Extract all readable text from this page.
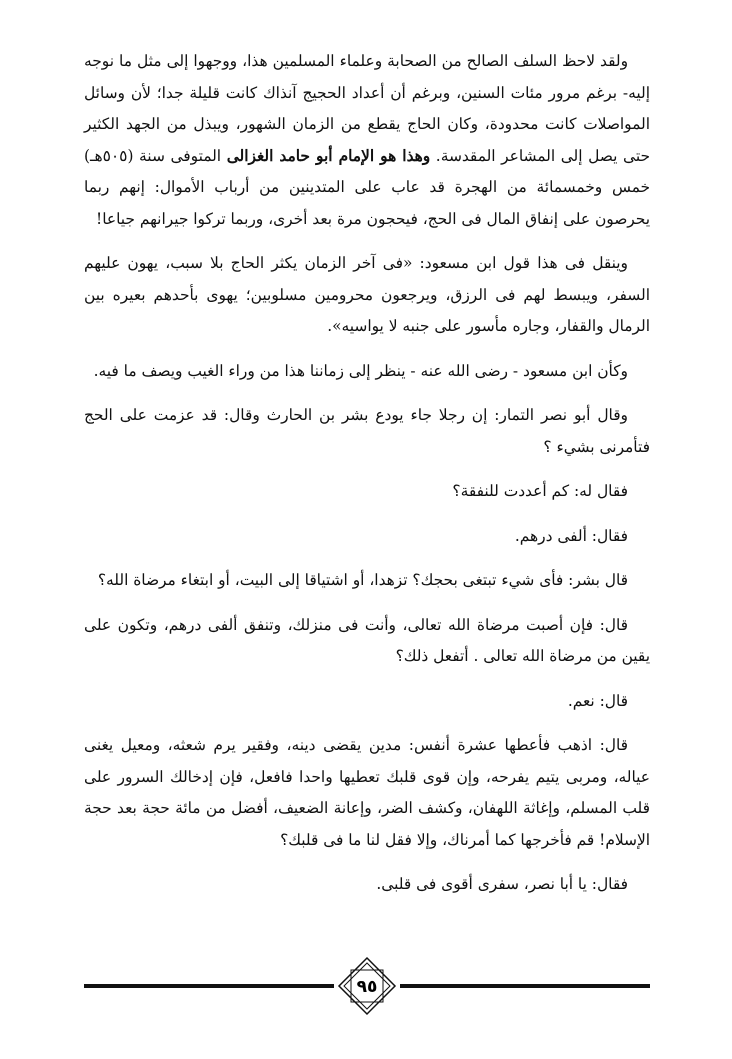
ولقد لاحظ السلف الصالح من الصحابة وعلماء المسلمين هذا، ووجهوا إلى مثل ما نوجه إليه- برغم مرور مئات السنين، وبرغم أن أعداد الحجيج آنذاك كانت قليلة جدا؛ لأن وسائل المواصلات كانت محدودة، وكان الحاج يقطع من الزمان الشهور، ويبذل من الجهد الكثير حتى يصل إلى المشاعر المقدسة. وهذا هو الإمام أبو حامد الغزالى المتوفى سنة (٥٠٥هـ) خمس وخمسمائة من الهجرة قد عاب على المتدينين من أرباب الأموال: إنهم ربما يحرصون على إنفاق المال فى الحج، فيحجون مرة بعد أخرى، وربما تركوا جيرانهم جياعا!

وينقل فى هذا قول ابن مسعود: «فى آخر الزمان يكثر الحاج بلا سبب، يهون عليهم السفر، ويبسط لهم فى الرزق، ويرجعون محرومين مسلوبين؛ يهوى بأحدهم بعيره بين الرمال والقفار، وجاره مأسور على جنبه لا يواسيه».

وكأن ابن مسعود - رضى الله عنه - ينظر إلى زماننا هذا من وراء الغيب ويصف ما فيه.

وقال أبو نصر التمار: إن رجلا جاء يودع بشر بن الحارث وقال: قد عزمت على الحج فتأمرنى بشيء ؟

فقال له: كم أعددت للنفقة؟

فقال: ألفى درهم.

قال بشر: فأى شيء تبتغى بحجك؟ تزهدا، أو اشتياقا إلى البيت، أو ابتغاء مرضاة الله؟

قال: فإن أصبت مرضاة الله تعالى، وأنت فى منزلك، وتنفق ألفى درهم، وتكون على يقين من مرضاة الله تعالى . أتفعل ذلك؟

قال: نعم.

قال: اذهب فأعطها عشرة أنفس: مدين يقضى دينه، وفقير يرم شعثه، ومعيل يغنى عياله، ومربى يتيم يفرحه، وإن قوى قلبك تعطيها واحدا فافعل، فإن إدخالك السرور على قلب المسلم، وإغاثة اللهفان، وكشف الضر، وإعانة الضعيف، أفضل من مائة حجة بعد حجة الإسلام! قم فأخرجها كما أمرناك، وإلا فقل لنا ما فى قلبك؟

فقال: يا أبا نصر، سفرى أقوى فى قلبى.

٩٥
